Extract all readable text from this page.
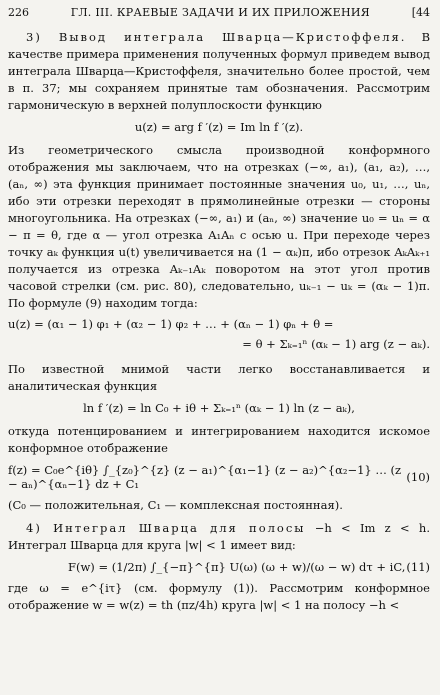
226	ГЛ. III. КРАЕВЫЕ ЗАДАЧИ И ИХ ПРИЛОЖЕНИЯ	[44

3) Вывод интеграла Шварца—Кристоффеля. В качестве примера применения полученных формул приведем вывод интеграла Шварца—Кристоффеля, значительно более простой, чем в п. 37; мы сохраняем принятые там обозначения. Рассмотрим гармоническую в верхней полуплоскости функцию

u(z) = arg f ′(z) = Im ln f ′(z).

Из геометрического смысла производной конформного отображения мы заключаем, что на отрезках (−∞, a₁), (a₁, a₂), …, (aₙ, ∞) эта функция принимает постоянные значения u₀, u₁, …, uₙ, ибо эти отрезки переходят в прямолинейные отрезки — стороны многоугольника. На отрезках (−∞, a₁) и (aₙ, ∞) значение u₀ = uₙ = α − π = θ, где α — угол отрезка A₁Aₙ с осью u. При переходе через точку aₖ функция u(t) увеличивается на (1 − αₖ)π, ибо отрезок AₖAₖ₊₁ получается из отрезка Aₖ₋₁Aₖ поворотом на этот угол против часовой стрелки (см. рис. 80), следовательно, uₖ₋₁ − uₖ = (αₖ − 1)π. По формуле (9) находим тогда:

u(z) = (α₁ − 1) φ₁ + (α₂ − 1) φ₂ + … + (αₙ − 1) φₙ + θ =
= θ + Σₖ₌₁ⁿ (αₖ − 1) arg (z − aₖ).

По известной мнимой части легко восстанавливается и аналитическая функция

ln f ′(z) = ln C₀ + iθ + Σₖ₌₁ⁿ (αₖ − 1) ln (z − aₖ),

откуда потенцированием и интегрированием находится искомое конформное отображение

f(z) = C₀e^{iθ} ∫_{z₀}^{z} (z − a₁)^{α₁−1} (z − a₂)^{α₂−1} … (z − aₙ)^{αₙ−1} dz + C₁	(10)

(C₀ — положительная, C₁ — комплексная постоянная).

4) Интеграл Шварца для полосы −h < Im z < h. Интеграл Шварца для круга |w| < 1 имеет вид:

F(w) = (1/2π) ∫_{−π}^{π} U(ω) (ω + w)/(ω − w) dτ + iC, (11)

где ω = e^{iτ} (см. формулу (1)). Рассмотрим конформное отображение w = w(z) = th (πz/4h) круга |w| < 1 на полосу −h <
